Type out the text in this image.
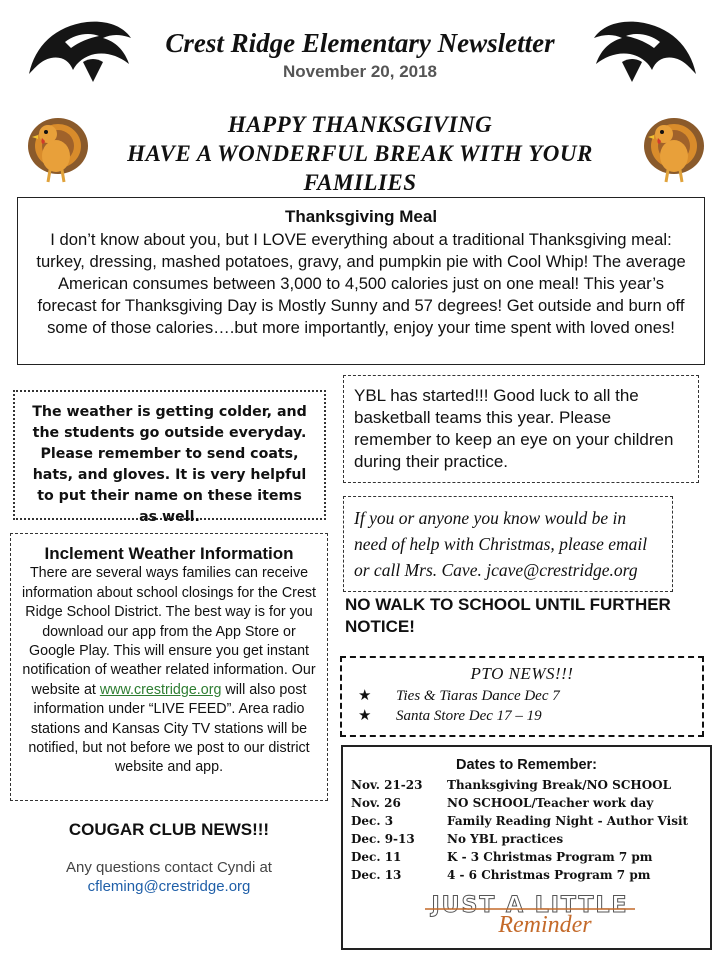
Crest Ridge Elementary Newsletter
November 20, 2018
HAPPY THANKSGIVING
HAVE A WONDERFUL BREAK WITH YOUR
FAMILIES
Thanksgiving Meal

I don’t know about you, but I LOVE everything about a traditional Thanksgiving meal: turkey, dressing, mashed potatoes, gravy, and pumpkin pie with Cool Whip! The average American consumes between 3,000 to 4,500 calories just on one meal! This year’s forecast for Thanksgiving Day is Mostly Sunny and 57 degrees! Get outside and burn off some of those calories….but more importantly, enjoy your time spent with loved ones!

The weather is getting colder, and the students go outside everyday. Please remember to send coats, hats, and gloves. It is very helpful to put their name on these items as well.
YBL has started!!! Good luck to all the basketball teams this year. Please remember to keep an eye on your children during their practice.
If you or anyone you know would be in need of help with Christmas, please email or call Mrs. Cave. jcave@crestridge.org
NO WALK TO SCHOOL UNTIL FURTHER NOTICE!
Inclement Weather Information

There are several ways families can receive information about school closings for the Crest Ridge School District. The best way is for you download our app from the App Store or Google Play. This will ensure you get instant notification of weather related information. Our website at www.crestridge.org will also post information under “LIVE FEED”. Area radio stations and Kansas City TV stations will be notified, but not before we post to our district website and app.

COUGAR CLUB NEWS!!!
Any questions contact Cyndi at
cfleming@crestridge.org
PTO NEWS!!!
★ Ties & Tiaras Dance Dec 7
★ Santa Store Dec 17 – 19
Dates to Remember:
Nov. 21-23	Thanksgiving Break/NO SCHOOL
Nov. 26	NO SCHOOL/Teacher work day
Dec. 3	Family Reading Night - Author Visit
Dec. 9-13	No YBL practices
Dec. 11	K - 3 Christmas Program 7 pm
Dec. 13	4 - 6 Christmas Program 7 pm
JUST A LITTLE
Reminder
